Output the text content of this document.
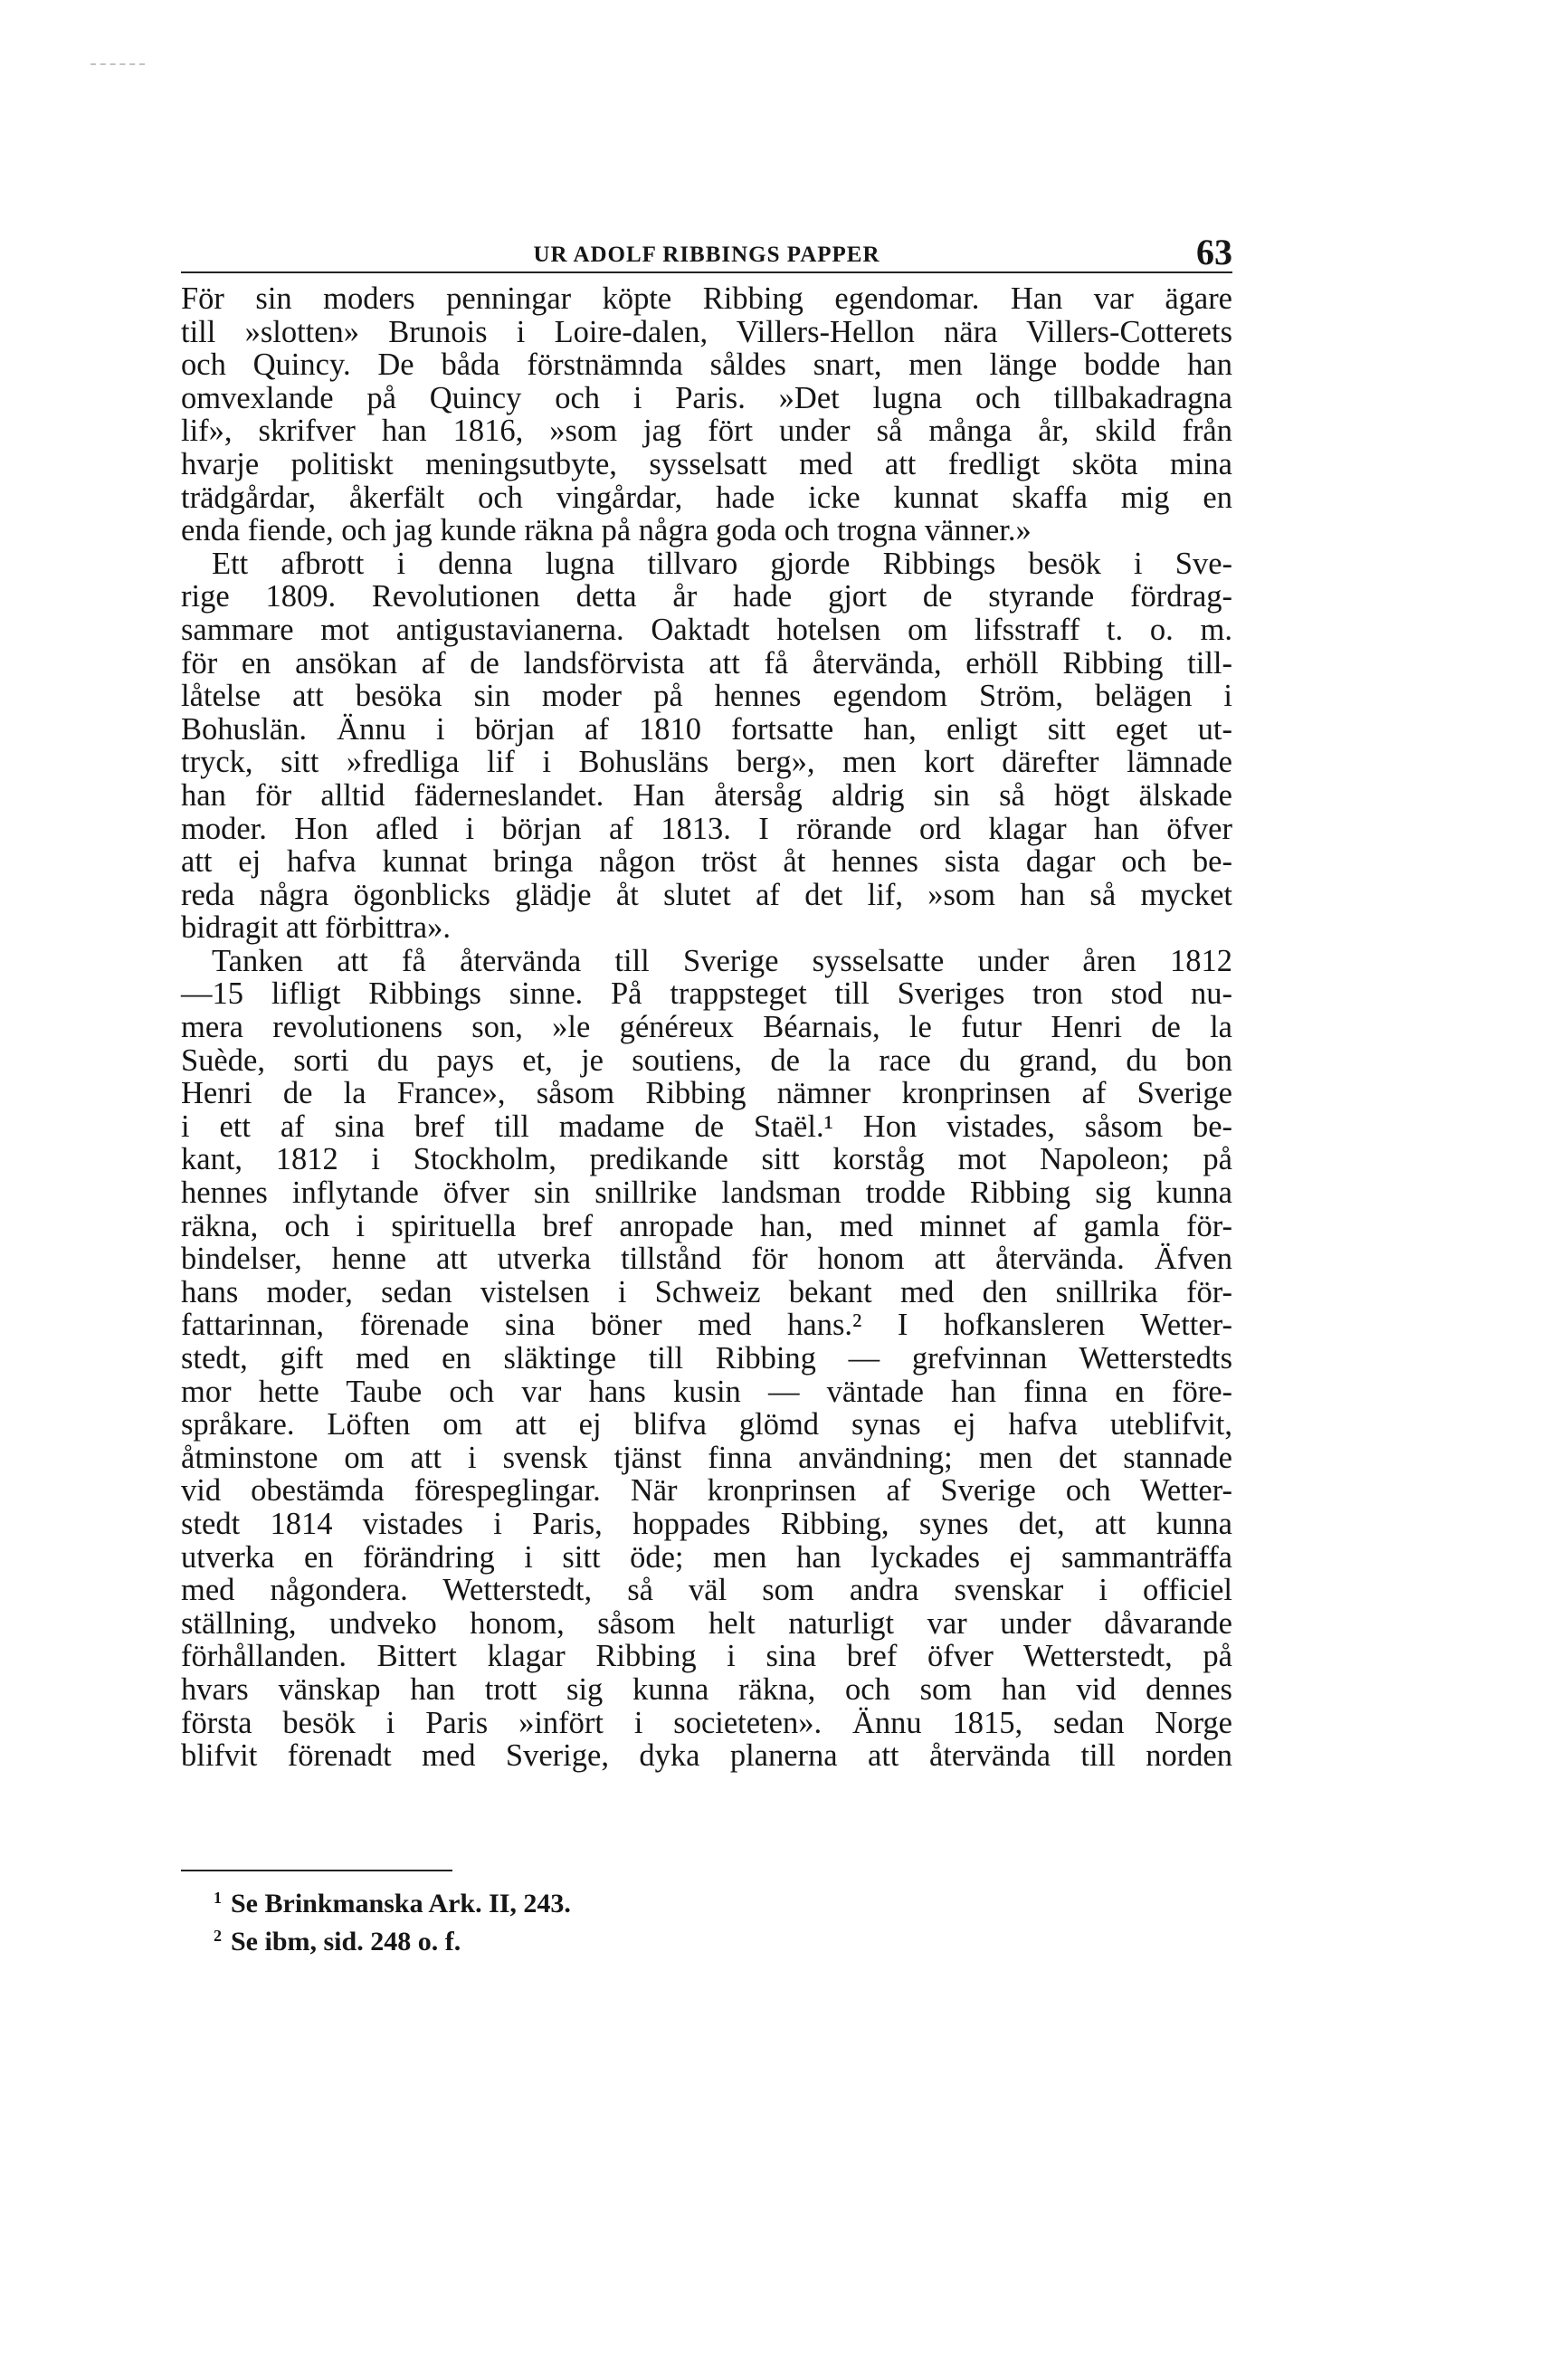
UR ADOLF RIBBINGS PAPPER	63
För sin moders penningar köpte Ribbing egendomar. Han var ägare
till »slotten» Brunois i Loire-dalen, Villers-Hellon nära Villers-Cotterets
och Quincy. De båda förstnämnda såldes snart, men länge bodde han
omvexlande på Quincy och i Paris. »Det lugna och tillbakadragna
lif», skrifver han 1816, »som jag fört under så många år, skild från
hvarje politiskt meningsutbyte, sysselsatt med att fredligt sköta mina
trädgårdar, åkerfält och vingårdar, hade icke kunnat skaffa mig en
enda fiende, och jag kunde räkna på några goda och trogna vänner.»
Ett afbrott i denna lugna tillvaro gjorde Ribbings besök i Sve-
rige 1809. Revolutionen detta år hade gjort de styrande fördrag-
sammare mot antigustavianerna. Oaktadt hotelsen om lifsstraff t. o. m.
för en ansökan af de landsförvista att få återvända, erhöll Ribbing till-
låtelse att besöka sin moder på hennes egendom Ström, belägen i
Bohuslän. Ännu i början af 1810 fortsatte han, enligt sitt eget ut-
tryck, sitt »fredliga lif i Bohusläns berg», men kort därefter lämnade
han för alltid fäderneslandet. Han återsåg aldrig sin så högt älskade
moder. Hon afled i början af 1813. I rörande ord klagar han öfver
att ej hafva kunnat bringa någon tröst åt hennes sista dagar och be-
reda några ögonblicks glädje åt slutet af det lif, »som han så mycket
bidragit att förbittra».
Tanken att få återvända till Sverige sysselsatte under åren 1812
—15 lifligt Ribbings sinne. På trappsteget till Sveriges tron stod nu-
mera revolutionens son, »le généreux Béarnais, le futur Henri de la
Suède, sorti du pays et, je soutiens, de la race du grand, du bon
Henri de la France», såsom Ribbing nämner kronprinsen af Sverige
i ett af sina bref till madame de Staël.¹ Hon vistades, såsom be-
kant, 1812 i Stockholm, predikande sitt korståg mot Napoleon; på
hennes inflytande öfver sin snillrike landsman trodde Ribbing sig kunna
räkna, och i spirituella bref anropade han, med minnet af gamla för-
bindelser, henne att utverka tillstånd för honom att återvända. Äfven
hans moder, sedan vistelsen i Schweiz bekant med den snillrika för-
fattarinnan, förenade sina böner med hans.² I hofkansleren Wetter-
stedt, gift med en släktinge till Ribbing — grefvinnan Wetterstedts
mor hette Taube och var hans kusin — väntade han finna en före-
språkare. Löften om att ej blifva glömd synas ej hafva uteblifvit,
åtminstone om att i svensk tjänst finna användning; men det stannade
vid obestämda förespeglingar. När kronprinsen af Sverige och Wetter-
stedt 1814 vistades i Paris, hoppades Ribbing, synes det, att kunna
utverka en förändring i sitt öde; men han lyckades ej sammanträffa
med någondera. Wetterstedt, så väl som andra svenskar i officiel
ställning, undveko honom, såsom helt naturligt var under dåvarande
förhållanden. Bittert klagar Ribbing i sina bref öfver Wetterstedt, på
hvars vänskap han trott sig kunna räkna, och som han vid dennes
första besök i Paris »infört i societeten». Ännu 1815, sedan Norge
blifvit förenadt med Sverige, dyka planerna att återvända till norden
$^1$ Se Brinkmanska Ark. II, 243.
$^2$ Se ibm, sid. 248 o. f.
